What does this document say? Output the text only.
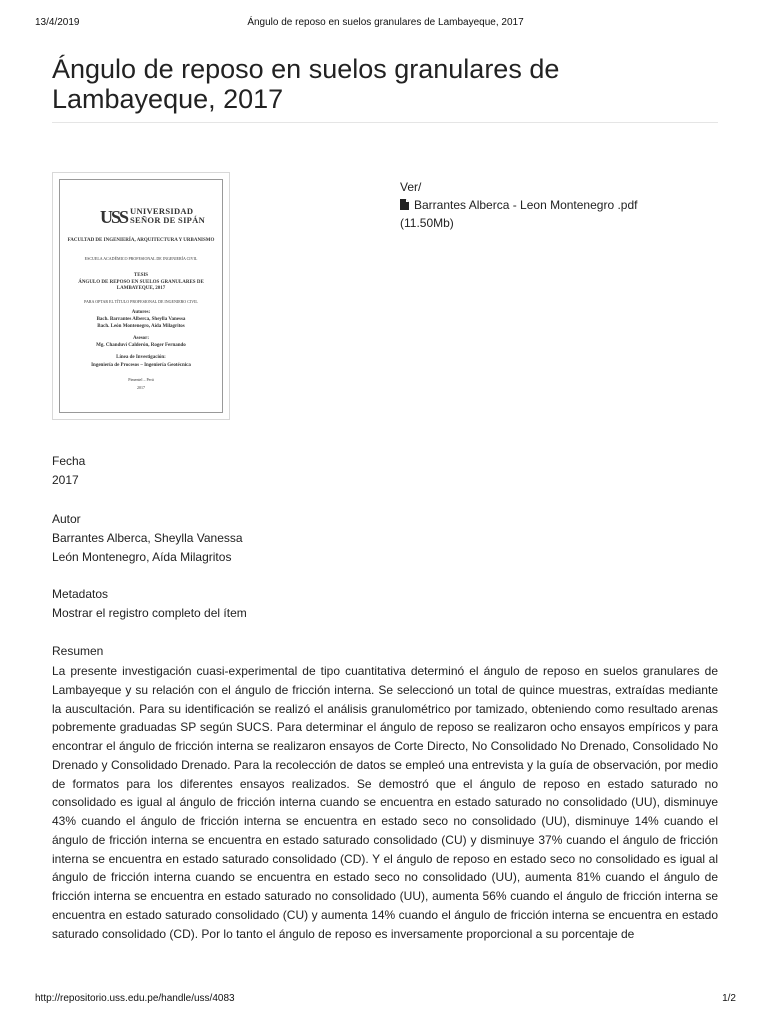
13/4/2019	Ángulo de reposo en suelos granulares de Lambayeque, 2017
Ángulo de reposo en suelos granulares de Lambayeque, 2017
USS UNIVERSIDAD SEÑOR DE SIPÁN
FACULTAD DE INGENIERÍA, ARQUITECTURA Y URBANISMO
ESCUELA ACADÉMICO PROFESIONAL DE INGENIERÍA CIVIL
TESIS
ÁNGULO DE REPOSO EN SUELOS GRANULARES DE LAMBAYEQUE, 2017
PARA OPTAR EL TÍTULO PROFESIONAL DE INGENIERO CIVIL
Autores:
Bach. Barrantes Alberca, Sheylla Vanessa
Bach. León Montenegro, Aída Milagritos
Asesor:
Mg. Chanduví Calderón, Roger Fernando
Línea de Investigación:
Ingeniería de Procesos – Ingeniería Geotécnica
Pimentel – Perú
2017
Ver/
Barrantes Alberca - Leon Montenegro .pdf
(11.50Mb)
Fecha
2017
Autor
Barrantes Alberca, Sheylla Vanessa
León Montenegro, Aída Milagritos
Metadatos
Mostrar el registro completo del ítem
Resumen

La presente investigación cuasi-experimental de tipo cuantitativa determinó el ángulo de reposo en suelos granulares de Lambayeque y su relación con el ángulo de fricción interna. Se seleccionó un total de quince muestras, extraídas mediante la auscultación. Para su identificación se realizó el análisis granulométrico por tamizado, obteniendo como resultado arenas pobremente graduadas SP según SUCS. Para determinar el ángulo de reposo se realizaron ocho ensayos empíricos y para encontrar el ángulo de fricción interna se realizaron ensayos de Corte Directo, No Consolidado No Drenado, Consolidado No Drenado y Consolidado Drenado. Para la recolección de datos se empleó una entrevista y la guía de observación, por medio de formatos para los diferentes ensayos realizados. Se demostró que el ángulo de reposo en estado saturado no consolidado es igual al ángulo de fricción interna cuando se encuentra en estado saturado no consolidado (UU), disminuye 43% cuando el ángulo de fricción interna se encuentra en estado seco no consolidado (UU), disminuye 14% cuando el ángulo de fricción interna se encuentra en estado saturado consolidado (CU) y disminuye 37% cuando el ángulo de fricción interna se encuentra en estado saturado consolidado (CD). Y el ángulo de reposo en estado seco no consolidado es igual al ángulo de fricción interna cuando se encuentra en estado seco no consolidado (UU), aumenta 81% cuando el ángulo de fricción interna se encuentra en estado saturado no consolidado (UU), aumenta 56% cuando el ángulo de fricción interna se encuentra en estado saturado consolidado (CU) y aumenta 14% cuando el ángulo de fricción interna se encuentra en estado saturado consolidado (CD). Por lo tanto el ángulo de reposo es inversamente proporcional a su porcentaje de

http://repositorio.uss.edu.pe/handle/uss/4083	1/2
